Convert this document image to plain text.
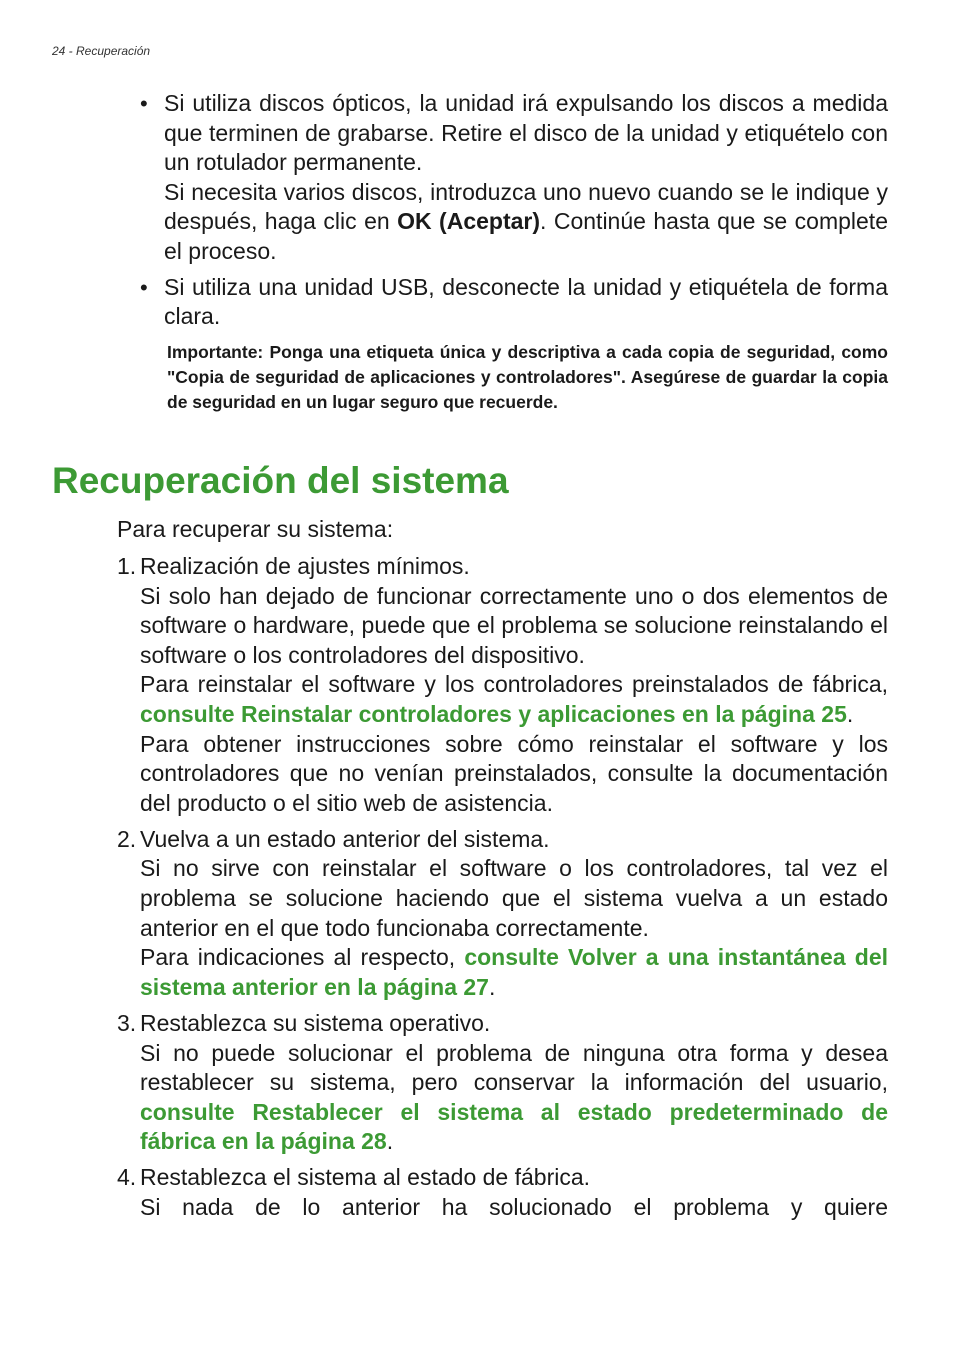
24 - Recuperación
• Si utiliza discos ópticos, la unidad irá expulsando los discos a medida que terminen de grabarse. Retire el disco de la unidad y etiquételo con un rotulador permanente.

Si necesita varios discos, introduzca uno nuevo cuando se le indique y después, haga clic en OK (Aceptar). Continúe hasta que se complete el proceso.

• Si utiliza una unidad USB, desconecte la unidad y etiquétela de forma clara.

Importante: Ponga una etiqueta única y descriptiva a cada copia de seguridad, como "Copia de seguridad de aplicaciones y controladores". Asegúrese de guardar la copia de seguridad en un lugar seguro que recuerde.

Recuperación del sistema

Para recuperar su sistema:

1. Realización de ajustes mínimos.

Si solo han dejado de funcionar correctamente uno o dos elementos de software o hardware, puede que el problema se solucione reinstalando el software o los controladores del dispositivo.

Para reinstalar el software y los controladores preinstalados de fábrica, consulte Reinstalar controladores y aplicaciones en la página 25.

Para obtener instrucciones sobre cómo reinstalar el software y los controladores que no venían preinstalados, consulte la documentación del producto o el sitio web de asistencia.

2. Vuelva a un estado anterior del sistema.

Si no sirve con reinstalar el software o los controladores, tal vez el problema se solucione haciendo que el sistema vuelva a un estado anterior en el que todo funcionaba correctamente.

Para indicaciones al respecto, consulte Volver a una instantánea del sistema anterior en la página 27.

3. Restablezca su sistema operativo.

Si no puede solucionar el problema de ninguna otra forma y desea restablecer su sistema, pero conservar la información del usuario, consulte Restablecer el sistema al estado predeterminado de fábrica en la página 28.

4. Restablezca el sistema al estado de fábrica.

Si nada de lo anterior ha solucionado el problema y quiere
